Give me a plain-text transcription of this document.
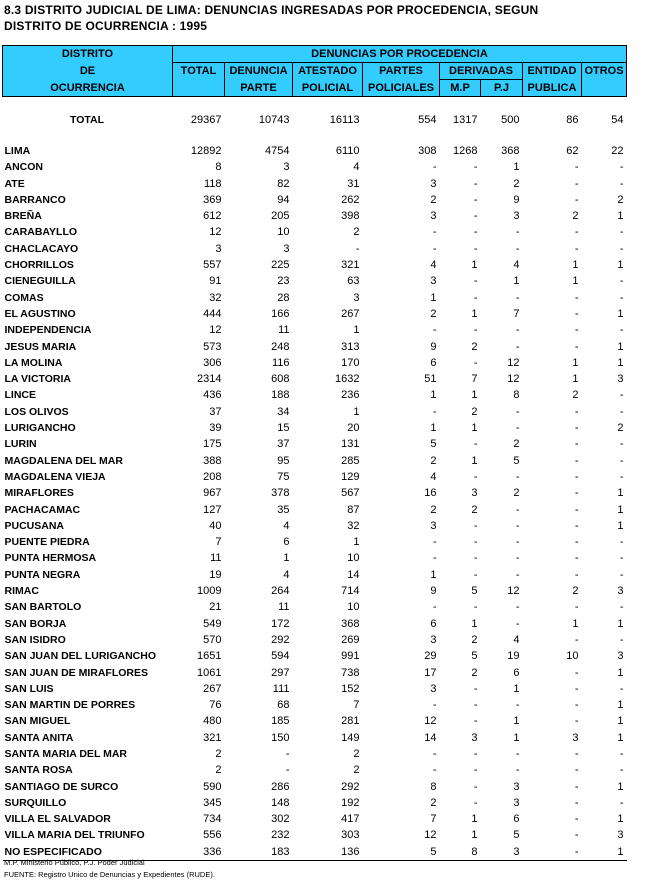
8.3 DISTRITO JUDICIAL DE LIMA: DENUNCIAS INGRESADAS POR PROCEDENCIA, SEGUN
DISTRITO DE OCURRENCIA : 1995
DISTRITO	DENUNCIAS POR PROCEDENCIA							
DE	TOTAL	DENUNCIA	ATESTADO	PARTES	DERIVADAS		ENTIDAD	OTROS
OCURRENCIA		PARTE	POLICIAL	POLICIALES	M.P	P.J	PUBLICA	

TOTAL	29367	10743	16113	554	1317	500	86	54

LIMA	12892	4754	6110	308	1268	368	62	22
ANCON	8	3	4	-	-	1	-	-
ATE	118	82	31	3	-	2	-	-
BARRANCO	369	94	262	2	-	9	-	2
BREÑA	612	205	398	3	-	3	2	1
CARABAYLLO	12	10	2	-	-	-	-	-
CHACLACAYO	3	3	-	-	-	-	-	-
CHORRILLOS	557	225	321	4	1	4	1	1
CIENEGUILLA	91	23	63	3	-	1	1	-
COMAS	32	28	3	1	-	-	-	-
EL AGUSTINO	444	166	267	2	1	7	-	1
INDEPENDENCIA	12	11	1	-	-	-	-	-
JESUS MARIA	573	248	313	9	2	-	-	1
LA MOLINA	306	116	170	6	-	12	1	1
LA VICTORIA	2314	608	1632	51	7	12	1	3
LINCE	436	188	236	1	1	8	2	-
LOS OLIVOS	37	34	1	-	2	-	-	-
LURIGANCHO	39	15	20	1	1	-	-	2
LURIN	175	37	131	5	-	2	-	-
MAGDALENA DEL MAR	388	95	285	2	1	5	-	-
MAGDALENA VIEJA	208	75	129	4	-	-	-	-
MIRAFLORES	967	378	567	16	3	2	-	1
PACHACAMAC	127	35	87	2	2	-	-	1
PUCUSANA	40	4	32	3	-	-	-	1
PUENTE PIEDRA	7	6	1	-	-	-	-	-
PUNTA HERMOSA	11	1	10	-	-	-	-	-
PUNTA NEGRA	19	4	14	1	-	-	-	-
RIMAC	1009	264	714	9	5	12	2	3
SAN BARTOLO	21	11	10	-	-	-	-	-
SAN BORJA	549	172	368	6	1	-	1	1
SAN ISIDRO	570	292	269	3	2	4	-	-
SAN JUAN DEL LURIGANCHO	1651	594	991	29	5	19	10	3
SAN JUAN DE MIRAFLORES	1061	297	738	17	2	6	-	1
SAN LUIS	267	111	152	3	-	1	-	-
SAN MARTIN DE PORRES	76	68	7	-	-	-	-	1
SAN MIGUEL	480	185	281	12	-	1	-	1
SANTA ANITA	321	150	149	14	3	1	3	1
SANTA MARIA DEL MAR	2	-	2	-	-	-	-	-
SANTA ROSA	2	-	2	-	-	-	-	-
SANTIAGO DE SURCO	590	286	292	8	-	3	-	1
SURQUILLO	345	148	192	2	-	3	-	-
VILLA EL SALVADOR	734	302	417	7	1	6	-	1
VILLA MARIA DEL TRIUNFO	556	232	303	12	1	5	-	3
NO ESPECIFICADO	336	183	136	5	8	3	-	1
M.P. Ministerio Público, P.J. Poder Judicial
FUENTE: Registro Unico de Denuncias y Expedientes (RUDE).
